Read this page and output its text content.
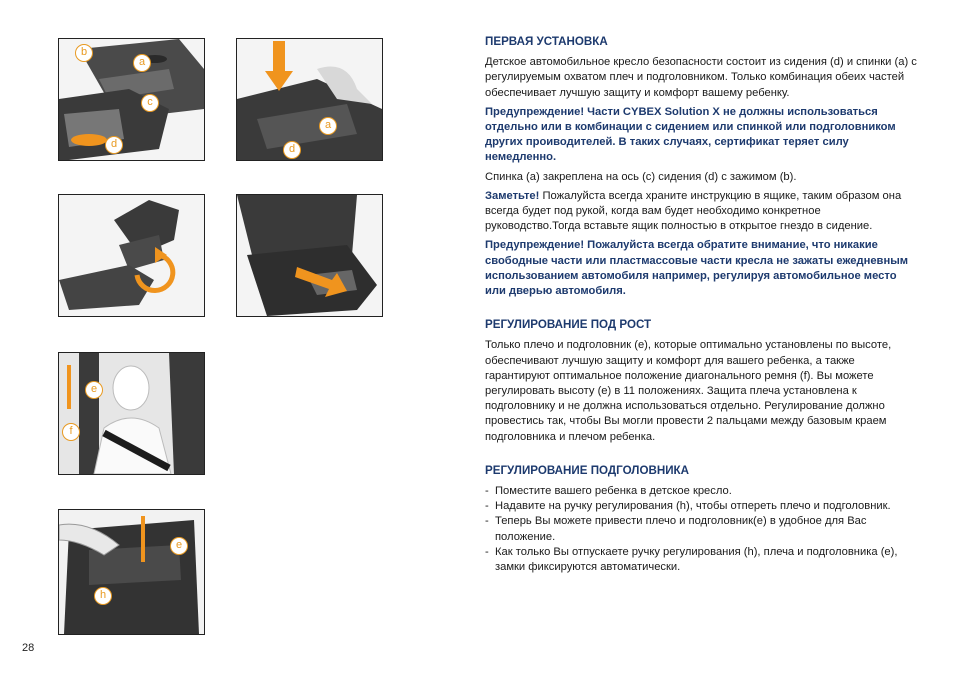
b
a
c
d
a
d
e
f
e
h
28
ПЕРВАЯ УСТАНОВКА

Детское автомобильное кресло безопасности состоит из сидения (d) и спинки (a) с регулируемым охватом плеч и подголовником. Только комбинация обеих частей обеспечивает лучшую защиту и комфорт вашему ребенку.

Предупреждение! Части CYBEX Solution X не должны использоваться отдельно или в комбинации с сидением или спинкой или подголовником других проиводителей. В таких случаях, сертификат теряет силу немедленно.

Спинка (a) закреплена на ось (c) сидения (d) с зажимом (b).

Заметьте! Пожалуйста всегда храните инструкцию в ящике, таким образом она всегда будет под рукой, когда вам будет необходимо конкретное руководство.Тогда вставьте ящик полностью в открытое гнездо в сидение.

Предупреждение! Пожалуйста всегда обратите внимание, что никакие свободные части или пластмассовые части кресла не зажаты ежедневным использованием автомобиля например, регулируя автомобильное место или дверью автомобиля.

РЕГУЛИРОВАНИЕ ПОД РОСТ

Только плечо и подголовник (e), которые оптимально установлены по высоте, обеспечивают лучшую защиту и комфорт для вашего ребенка, а также гарантируют оптимальное положение диагонального ремня (f). Вы можете регулировать высоту (e) в 11 положениях. Защита плеча установлена к подголовнику и не должна использоваться отдельно. Регулирование должно провестись так, чтобы Вы могли провести 2 пальцами между базовым краем подголовника и плечом ребенка.

РЕГУЛИРОВАНИЕ ПОДГОЛОВНИКА
- Поместите вашего ребенка в детское кресло.
- Надавите на ручку регулирования (h), чтобы отпереть плечо и подголовник.
- Теперь Вы можете привести плечо и подголовник(e) в удобное для Вас положение.
- Как только Вы отпускаете ручку регулирования (h), плеча и подголовника (e), замки фиксируются автоматически.
